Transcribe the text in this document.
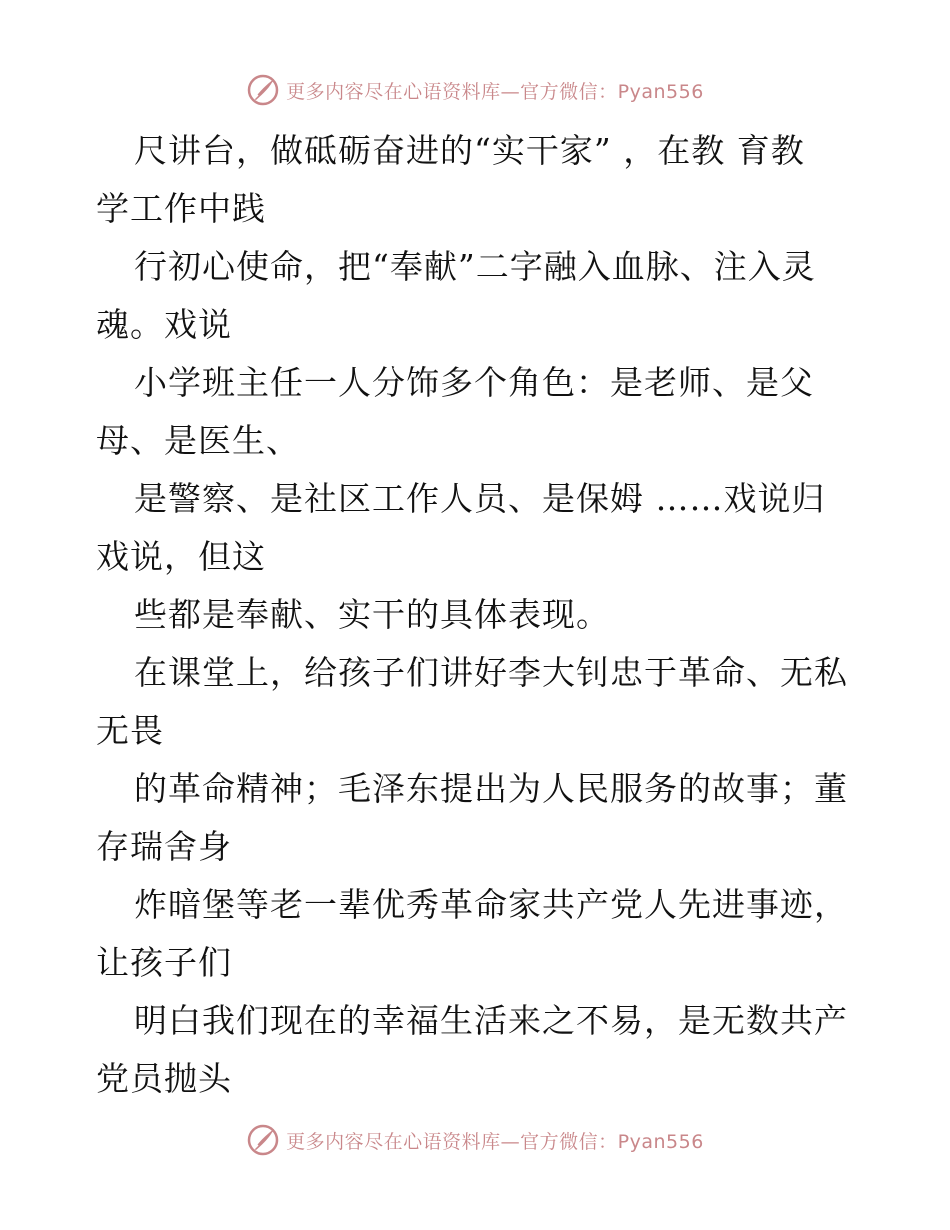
更多内容尽在心语资料库—官方微信：Pyan556
尺讲台，做砥砺奋进的“实干家” ，在教 育教
学工作中践
行初心使命，把“奉献”二字融入血脉、注入灵
魂。戏说
小学班主任一人分饰多个角色：是老师、是父
母、是医生、
是警察、是社区工作人员、是保姆 ……戏说归
戏说，但这
些都是奉献、实干的具体表现。
在课堂上，给孩子们讲好李大钊忠于革命、无私
无畏
的革命精神；毛泽东提出为人民服务的故事；董
存瑞舍身
炸暗堡等老一辈优秀革命家共产党人先进事迹，
让孩子们
明白我们现在的幸福生活来之不易，是无数共产
党员抛头
更多内容尽在心语资料库—官方微信：Pyan556
